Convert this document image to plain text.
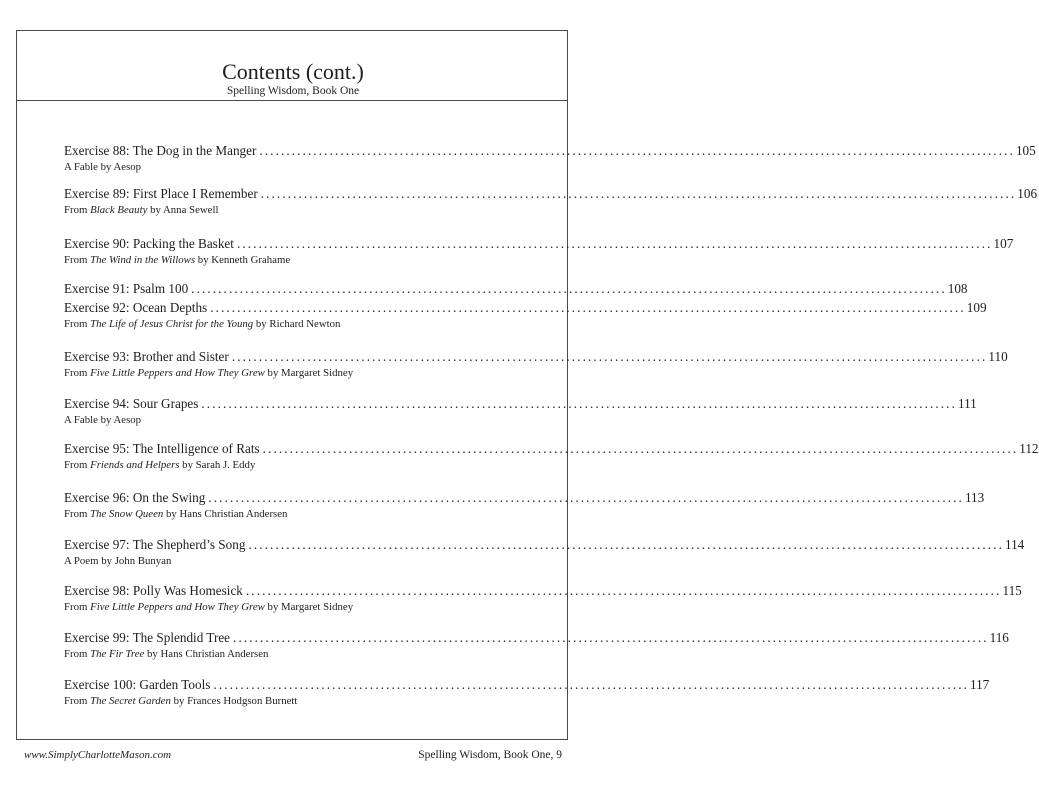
Contents (cont.)
Spelling Wisdom, Book One
Exercise 88: The Dog in the Manger ............................................................................................................................................ 105
A Fable by Aesop
Exercise 89: First Place I Remember ............................................................................................................................................ 106
From Black Beauty by Anna Sewell
Exercise 90: Packing the Basket ............................................................................................................................................ 107
From The Wind in the Willows by Kenneth Grahame
Exercise 91: Psalm 100 ............................................................................................................................................ 108
Exercise 92: Ocean Depths ............................................................................................................................................ 109
From The Life of Jesus Christ for the Young by Richard Newton
Exercise 93: Brother and Sister ............................................................................................................................................ 110
From Five Little Peppers and How They Grew by Margaret Sidney
Exercise 94: Sour Grapes ............................................................................................................................................ 111
A Fable by Aesop
Exercise 95: The Intelligence of Rats ............................................................................................................................................ 112
From Friends and Helpers by Sarah J. Eddy
Exercise 96: On the Swing ............................................................................................................................................ 113
From The Snow Queen by Hans Christian Andersen
Exercise 97: The Shepherd’s Song ............................................................................................................................................ 114
A Poem by John Bunyan
Exercise 98: Polly Was Homesick ............................................................................................................................................ 115
From Five Little Peppers and How They Grew by Margaret Sidney
Exercise 99: The Splendid Tree ............................................................................................................................................ 116
From The Fir Tree by Hans Christian Andersen
Exercise 100: Garden Tools ............................................................................................................................................ 117
From The Secret Garden by Frances Hodgson Burnett
www.SimplyCharlotteMason.com	Spelling Wisdom, Book One, 9
